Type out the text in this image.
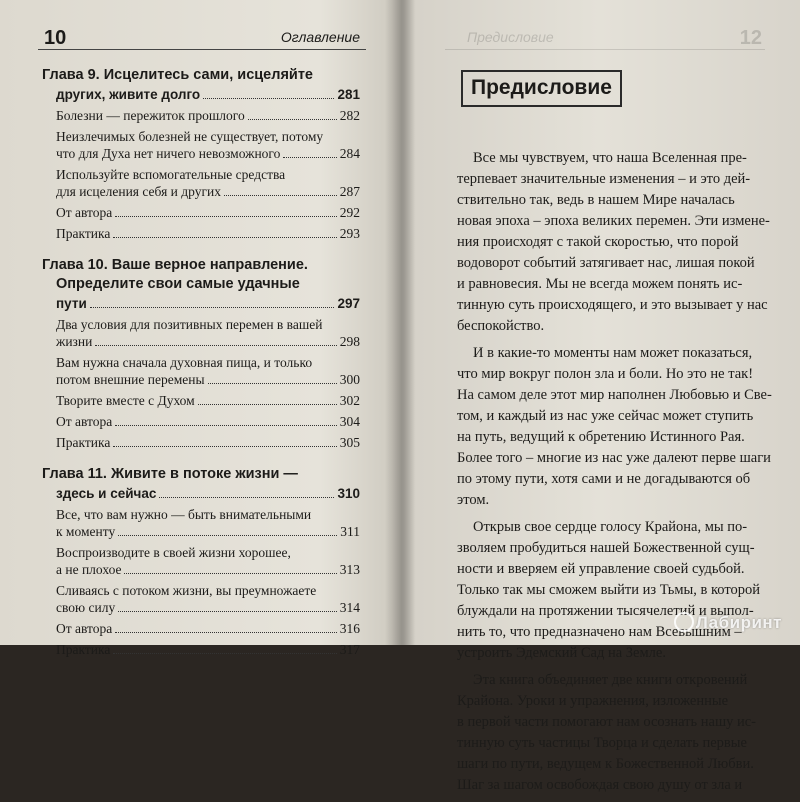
10	Оглавление
Глава 9. Исцелитесь сами, исцеляйте
других, живите долго	281
Болезни — пережиток прошлого	282
Неизлечимых болезней не существует, потому
что для Духа нет ничего невозможного	284
Используйте вспомогательные средства
для исцеления себя и других	287
От автора	292
Практика	293
Глава 10. Ваше верное направление.
Определите свои самые удачные
пути	297
Два условия для позитивных перемен в вашей
жизни	298
Вам нужна сначала духовная пища, и только
потом внешние перемены	300
Творите вместе с Духом	302
От автора	304
Практика	305
Глава 11. Живите в потоке жизни —
здесь и сейчас	310
Все, что вам нужно — быть внимательными
к моменту	311
Воспроизводите в своей жизни хорошее,
а не плохое	313
Сливаясь с потоком жизни, вы преумножаете
свою силу	314
От автора	316
Практика	317
Предисловие	12
Предисловие
Все мы чувствуем, что наша Вселенная пре-
терпевает значительные изменения – и это дей-
ствительно так, ведь в нашем Мире началась
новая эпоха – эпоха великих перемен. Эти измене-
ния происходят с такой скоростью, что порой
водоворот событий затягивает нас, лишая покой
и равновесия. Мы не всегда можем понять ис-
тинную суть происходящего, и это вызывает у нас
беспокойство.
И в какие-то моменты нам может показаться,
что мир вокруг полон зла и боли. Но это не так!
На самом деле этот мир наполнен Любовью и Све-
том, и каждый из нас уже сейчас может ступить
на путь, ведущий к обретению Истинного Рая.
Более того – многие из нас уже далеют перве шаги
по этому пути, хотя сами и не догадываются об
этом.
Открыв свое сердце голосу Крайона, мы по-
зволяем пробудиться нашей Божественной сущ-
ности и вверяем ей управление своей судьбой.
Только так мы сможем выйти из Тьмы, в которой
блуждали на протяжении тысячелетий и выпол-
нить то, что предназначено нам Всевышним –
устроить Эдемский Сад на Земле.
Эта книга объединяет две книги откровений
Крайона. Уроки и упражнения, изложенные
в первой части помогают нам осознать нашу ис-
тинную суть частицы Творца и сделать первые
шаги по пути, ведущем к Божественной Любви.
Шаг за шагом освобождая свою душу от зла и
Лабиринт
